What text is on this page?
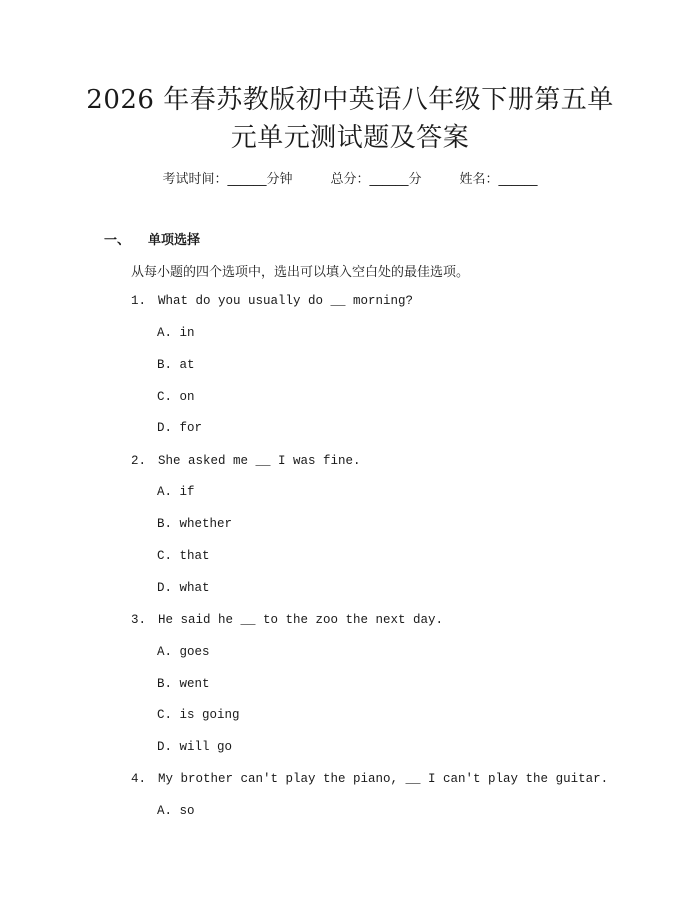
2026 年春苏教版初中英语八年级下册第五单
元单元测试题及答案
考试时间：______分钟	总分：______分	姓名：______
一、 单项选择
从每小题的四个选项中，选出可以填入空白处的最佳选项。
1. What do you usually do __ morning?
A. in
B. at
C. on
D. for
2. She asked me __ I was fine.
A. if
B. whether
C. that
D. what
3. He said he __ to the zoo the next day.
A. goes
B. went
C. is going
D. will go
4. My brother can't play the piano, __ I can't play the guitar.
A. so
